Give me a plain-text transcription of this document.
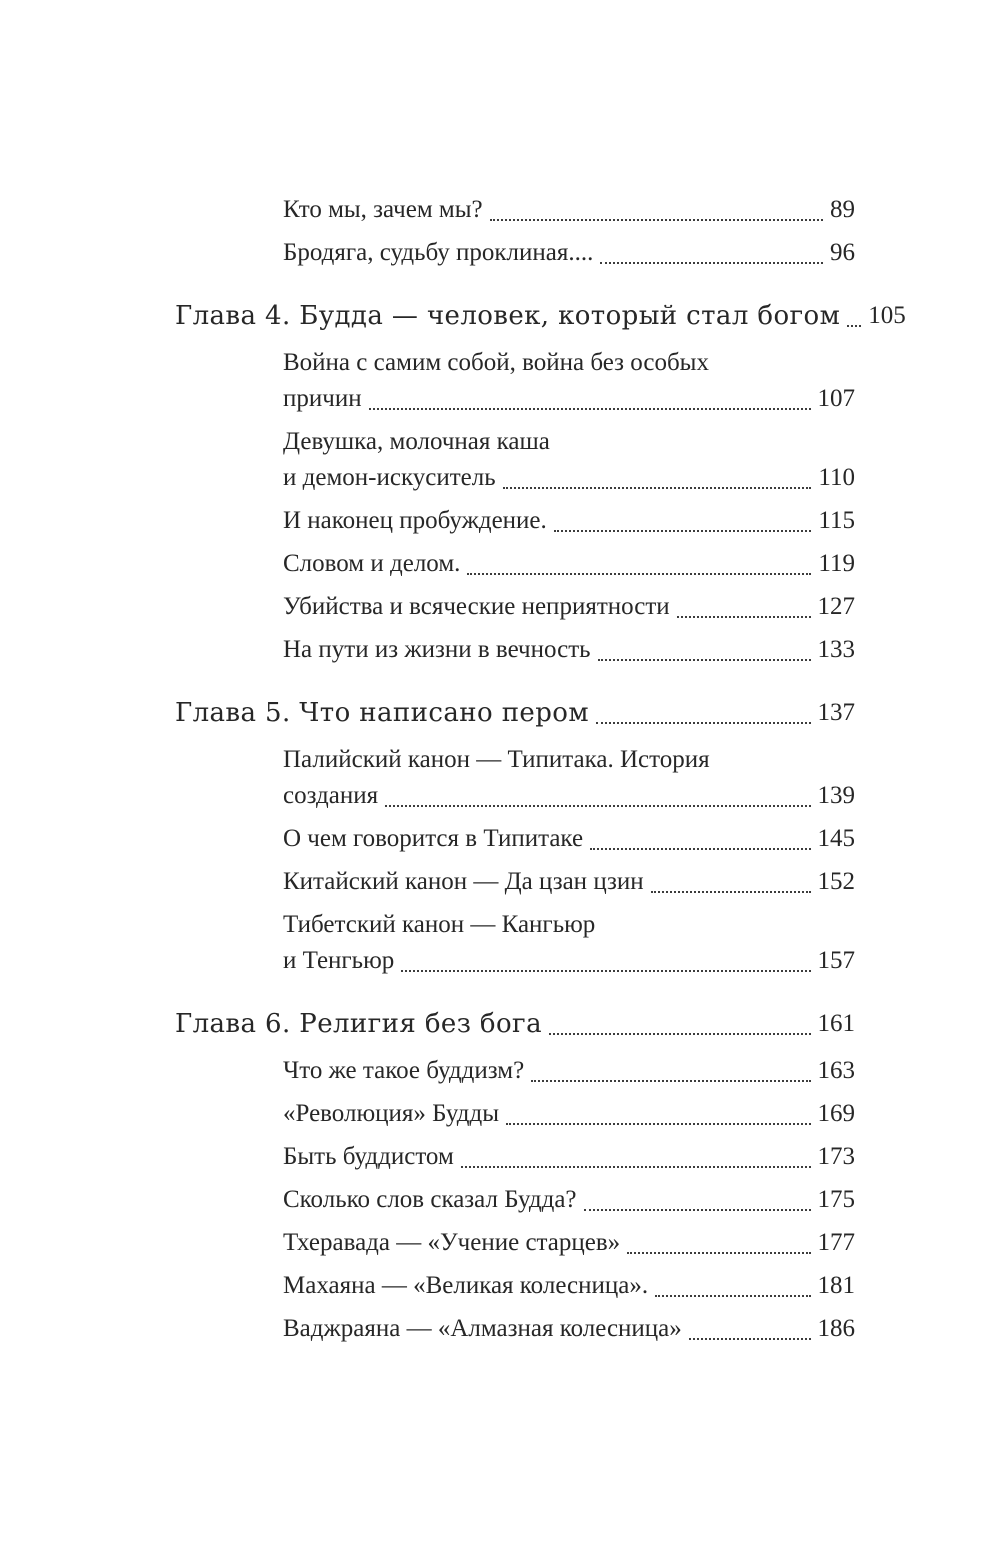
Кто мы, зачем мы?	89
Бродяга, судьбу проклиная....	96
Глава 4. Будда — человек, который стал богом 105
Война с самим собой, война без особых
причин	107
Девушка, молочная каша
и демон-искуситель	110
И наконец пробуждение.	115
Словом и делом.	119
Убийства и всяческие неприятности	127
На пути из жизни в вечность	133
Глава 5. Что написано пером	137
Палийский канон — Типитака. История
создания	139
О чем говорится в Типитаке	145
Китайский канон — Да цзан цзин	152
Тибетский канон — Кангьюр
и Тенгьюр	157
Глава 6. Религия без бога	161
Что же такое буддизм?	163
«Революция» Будды	169
Быть буддистом	173
Сколько слов сказал Будда?	175
Тхеравада — «Учение старцев»	177
Махаяна — «Великая колесница».	181
Ваджраяна — «Алмазная колесница»	186
